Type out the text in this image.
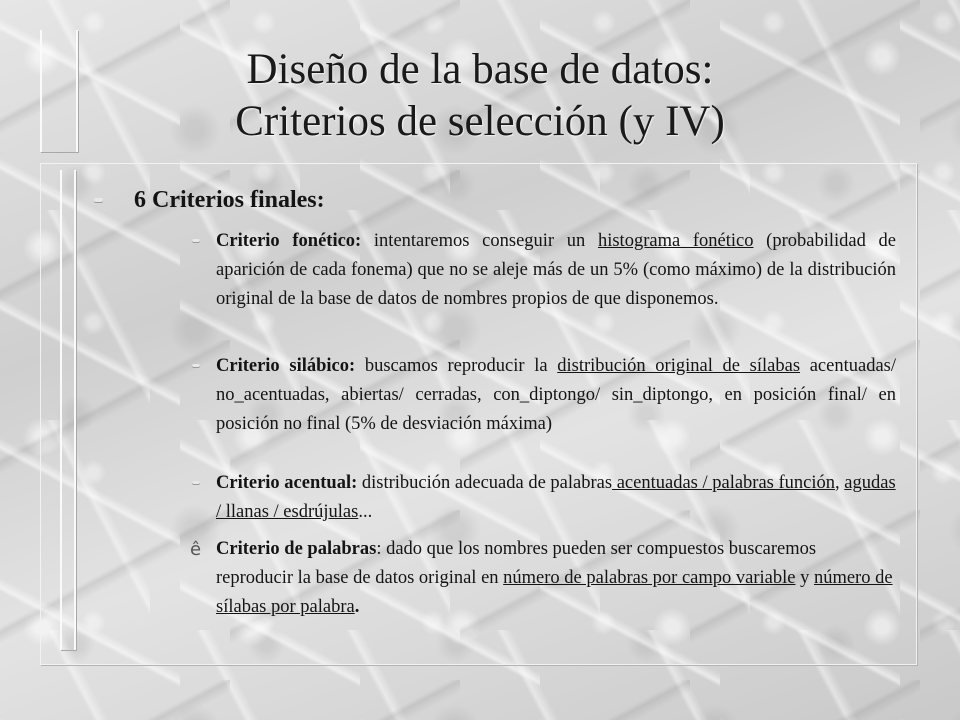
Diseño de la base de datos:
Criterios de selección (y IV)
6 Criterios finales:
Criterio fonético: intentaremos conseguir un histograma fonético (probabilidad de aparición de cada fonema) que no se aleje más de un 5% (como máximo) de la distribución original de la base de datos de nombres propios de que disponemos.
Criterio silábico: buscamos reproducir la distribución original de sílabas acentuadas/ no_acentuadas, abiertas/ cerradas, con_diptongo/ sin_diptongo, en posición final/ en posición no final (5% de desviación máxima)
Criterio acentual: distribución adecuada de palabras acentuadas / palabras función, agudas / llanas / esdrújulas...
ê Criterio de palabras: dado que los nombres pueden ser compuestos buscaremos reproducir la base de datos original en número de palabras por campo variable y número de sílabas por palabra.
